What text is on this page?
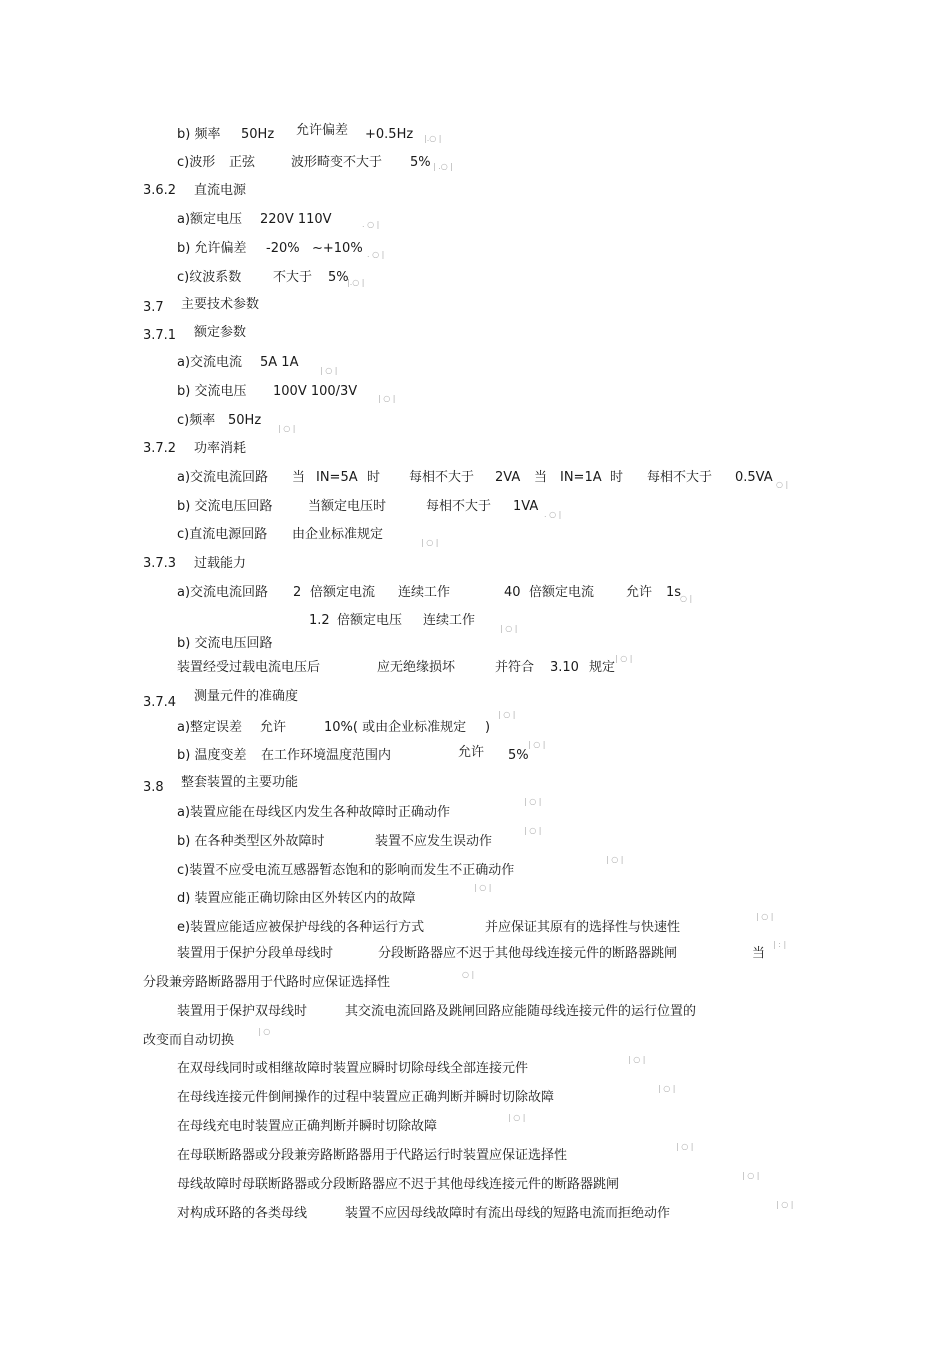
b) 频率 50Hz 允许偏差 +0.5Hz
c)波形 正弦	波形畸变不大于 5%
3.6.2 直流电源
a)额定电压 220V 110V
b) 允许偏差 -20% ~+10%
c)纹波系数 不大于 5%
3.7 主要技术参数
3.7.1 额定参数
a)交流电流 5A 1A
b) 交流电压 100V 100/3V
c)频率 50Hz
3.7.2 功率消耗
a)交流电流回路 当 IN=5A 时 每相不大于 2VA 当 IN=1A 时 每相不大于 0.5VA
b) 交流电压回路	当额定电压时	每相不大于 1VA
c)直流电源回路 由企业标准规定
3.7.3 过载能力
a)交流电流回路 2 倍额定电流 连续工作	40 倍额定电流 允许 1s
1.2 倍额定电压 连续工作
b) 交流电压回路
装置经受过载电流电压后	应无绝缘损坏	并符合 3.10 规定
3.7.4 测量元件的准确度
a)整定误差 允许	10%( 或由企业标准规定 )
b) 温度变差 在工作环境温度范围内	允许 5%
3.8 整套装置的主要功能
a)装置应能在母线区内发生各种故障时正确动作
b) 在各种类型区外故障时	装置不应发生误动作
c)装置不应受电流互感器暂态饱和的影响而发生不正确动作
d) 装置应能正确切除由区外转区内的故障
e)装置应能适应被保护母线的各种运行方式	并应保证其原有的选择性与快速性
装置用于保护分段单母线时	分段断路器应不迟于其他母线连接元件的断路器跳闸	当
分段兼旁路断路器用于代路时应保证选择性
装置用于保护双母线时	其交流电流回路及跳闸回路应能随母线连接元件的运行位置的
改变而自动切换
在双母线同时或相继故障时装置应瞬时切除母线全部连接元件
在母线连接元件倒闸操作的过程中装置应正确判断并瞬时切除故障
在母线充电时装置应正确判断并瞬时切除故障
在母联断路器或分段兼旁路断路器用于代路运行时装置应保证选择性
母线故障时母联断路器或分段断路器应不迟于其他母线连接元件的断路器跳闸
对构成环路的各类母线	装置不应因母线故障时有流出母线的短路电流而拒绝动作
|.○ |
| .○ |
. ○ |
. ○ |
|.○ |
| ○ |
| ○ |
| ○ |
○ |
. ○ |
| ○ |
○ |
| ○ |
| ○ |
| ○ |
| ○ |
| ○ |
| ○ |
| ○ |
| ○ |
| ○ |
| : |
○ |
| ○
| ○ |
| ○ |
| ○ |
| ○ |
| ○ |
| ○ |
